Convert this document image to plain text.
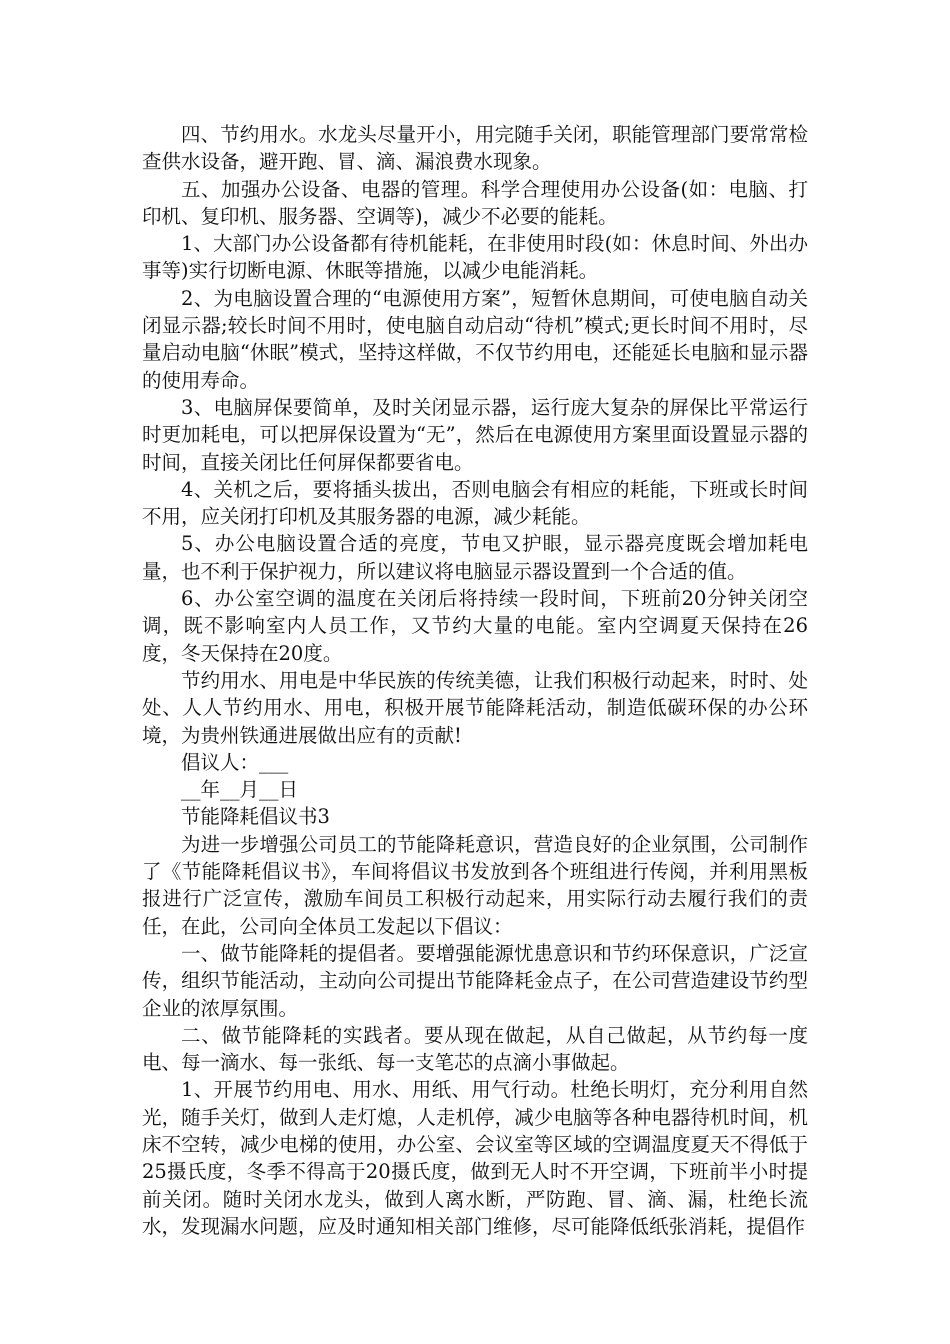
四、节约用水。水龙头尽量开小，用完随手关闭，职能管理部门要常常检查供水设备，避开跑、冒、滴、漏浪费水现象。

五、加强办公设备、电器的管理。科学合理使用办公设备(如：电脑、打印机、复印机、服务器、空调等)，减少不必要的能耗。

1、大部门办公设备都有待机能耗，在非使用时段(如：休息时间、外出办事等)实行切断电源、休眠等措施，以减少电能消耗。

2、为电脑设置合理的“电源使用方案”，短暂休息期间，可使电脑自动关闭显示器;较长时间不用时，使电脑自动启动“待机”模式;更长时间不用时，尽量启动电脑“休眠”模式，坚持这样做，不仅节约用电，还能延长电脑和显示器的使用寿命。

3、电脑屏保要简单，及时关闭显示器，运行庞大复杂的屏保比平常运行时更加耗电，可以把屏保设置为“无”，然后在电源使用方案里面设置显示器的时间，直接关闭比任何屏保都要省电。

4、关机之后，要将插头拔出，否则电脑会有相应的耗能，下班或长时间不用，应关闭打印机及其服务器的电源，减少耗能。

5、办公电脑设置合适的亮度，节电又护眼，显示器亮度既会增加耗电量，也不利于保护视力，所以建议将电脑显示器设置到一个合适的值。

6、办公室空调的温度在关闭后将持续一段时间，下班前20分钟关闭空调，既不影响室内人员工作，又节约大量的电能。室内空调夏天保持在26度，冬天保持在20度。

节约用水、用电是中华民族的传统美德，让我们积极行动起来，时时、处处、人人节约用水、用电，积极开展节能降耗活动，制造低碳环保的办公环境，为贵州铁通进展做出应有的贡献!

倡议人：___

__年__月__日

节能降耗倡议书3

为进一步增强公司员工的节能降耗意识，营造良好的企业氛围，公司制作了《节能降耗倡议书》，车间将倡议书发放到各个班组进行传阅，并利用黑板报进行广泛宣传，激励车间员工积极行动起来，用实际行动去履行我们的责任，在此，公司向全体员工发起以下倡议：

一、做节能降耗的提倡者。要增强能源忧患意识和节约环保意识，广泛宣传，组织节能活动，主动向公司提出节能降耗金点子，在公司营造建设节约型企业的浓厚氛围。

二、做节能降耗的实践者。要从现在做起，从自己做起，从节约每一度电、每一滴水、每一张纸、每一支笔芯的点滴小事做起。

1、开展节约用电、用水、用纸、用气行动。杜绝长明灯，充分利用自然光，随手关灯，做到人走灯熄，人走机停，减少电脑等各种电器待机时间，机床不空转，减少电梯的使用，办公室、会议室等区域的空调温度夏天不得低于25摄氏度，冬季不得高于20摄氏度，做到无人时不开空调，下班前半小时提前关闭。随时关闭水龙头，做到人离水断，严防跑、冒、滴、漏，杜绝长流水，发现漏水问题，应及时通知相关部门维修，尽可能降低纸张消耗，提倡作
